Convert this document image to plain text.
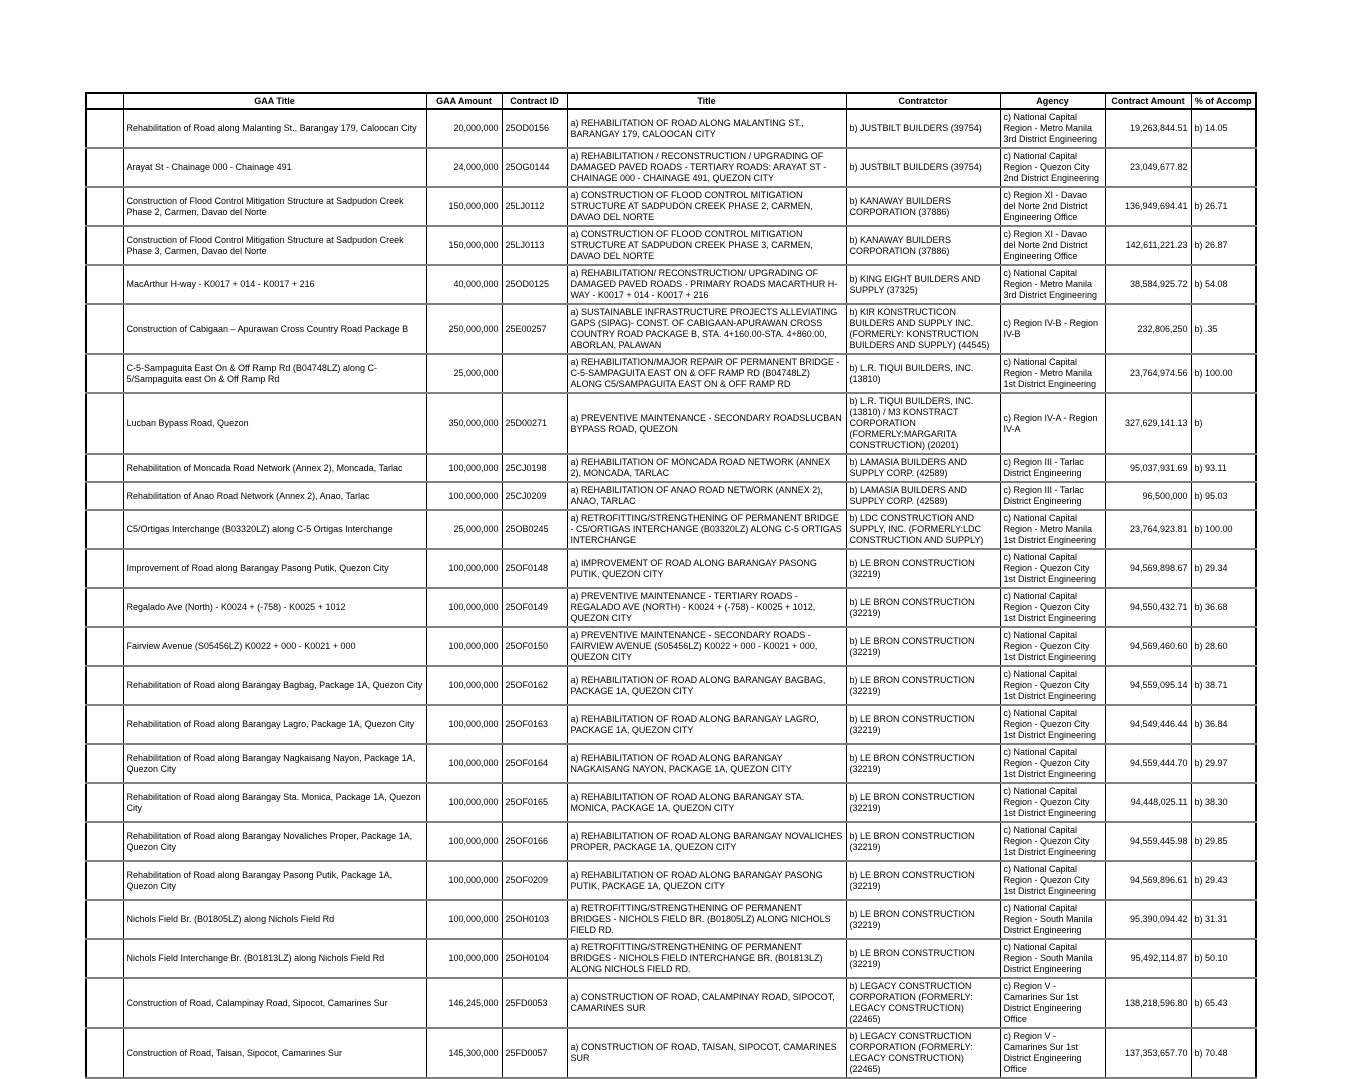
	GAA Title	GAA Amount	Contract ID	Title	Contratctor	Agency	Contract Amount	% of Accomp
	Rehabilitation of Road along Malanting St., Barangay 179, Caloocan City	20,000,000	25OD0156	a) REHABILITATION OF ROAD ALONG MALANTING ST., BARANGAY 179, CALOOCAN CITY	b) JUSTBILT BUILDERS (39754)	c) National Capital Region - Metro Manila 3rd District Engineering	19,263,844.51	b) 14.05
	Arayat St - Chainage 000 - Chainage 491	24,000,000	25OG0144	a) REHABILITATION / RECONSTRUCTION / UPGRADING OF DAMAGED PAVED ROADS - TERTIARY ROADS: ARAYAT ST - CHAINAGE 000 - CHAINAGE 491, QUEZON CITY	b) JUSTBILT BUILDERS (39754)	c) National Capital Region - Quezon City 2nd District Engineering	23,049,677.82	
	Construction of Flood Control Mitigation Structure at Sadpudon Creek Phase 2, Carmen, Davao del Norte	150,000,000	25LJ0112	a) CONSTRUCTION OF FLOOD CONTROL MITIGATION STRUCTURE AT SADPUDON CREEK PHASE 2, CARMEN, DAVAO DEL NORTE	b) KANAWAY BUILDERS CORPORATION (37886)	c) Region XI - Davao del Norte 2nd District Engineering Office	136,949,694.41	b) 26.71
	Construction of Flood Control Mitigation Structure at Sadpudon Creek Phase 3, Carmen, Davao del Norte	150,000,000	25LJ0113	a) CONSTRUCTION OF FLOOD CONTROL MITIGATION STRUCTURE AT SADPUDON CREEK PHASE 3, CARMEN, DAVAO DEL NORTE	b) KANAWAY BUILDERS CORPORATION (37886)	c) Region XI - Davao del Norte 2nd District Engineering Office	142,611,221.23	b) 26.87
	MacArthur H-way - K0017 + 014 - K0017 + 216	40,000,000	25OD0125	a) REHABILITATION/ RECONSTRUCTION/ UPGRADING OF DAMAGED PAVED ROADS - PRIMARY ROADS MACARTHUR H-WAY - K0017 + 014 - K0017 + 216	b) KING EIGHT BUILDERS AND SUPPLY (37325)	c) National Capital Region - Metro Manila 3rd District Engineering	38,584,925.72	b) 54.08
	Construction of Cabigaan – Apurawan Cross Country Road Package B	250,000,000	25E00257	a) SUSTAINABLE INFRASTRUCTURE PROJECTS ALLEVIATING GAPS (SIPAG)- CONST. OF CABIGAAN-APURAWAN CROSS COUNTRY ROAD PACKAGE B, STA. 4+160.00-STA. 4+860.00, ABORLAN, PALAWAN	b) KIR KONSTRUCTICON BUILDERS AND SUPPLY INC. (FORMERLY: KONSTRUCTION BUILDERS AND SUPPLY) (44545)	c) Region IV-B - Region IV-B	232,806,250	b) .35
	C-5-Sampaguita East On & Off Ramp Rd (B04748LZ) along C-5/Sampaguita east On & Off Ramp Rd	25,000,000		a) REHABILITATION/MAJOR REPAIR OF PERMANENT BRIDGE - C-5-SAMPAGUITA EAST ON & OFF RAMP RD (B04748LZ) ALONG C5/SAMPAGUITA EAST ON & OFF RAMP RD	b) L.R. TIQUI BUILDERS, INC. (13810)	c) National Capital Region - Metro Manila 1st District Engineering	23,764,974.56	b) 100.00
	Lucban Bypass Road, Quezon	350,000,000	25D00271	a) PREVENTIVE MAINTENANCE - SECONDARY ROADSLUCBAN BYPASS ROAD, QUEZON	b) L.R. TIQUI BUILDERS, INC. (13810) / M3 KONSTRACT CORPORATION (FORMERLY:MARGARITA CONSTRUCTION) (20201)	c) Region IV-A - Region IV-A	327,629,141.13	b)
	Rehabilitation of Moncada Road Network (Annex 2), Moncada, Tarlac	100,000,000	25CJ0198	a) REHABILITATION OF MONCADA ROAD NETWORK (ANNEX 2), MONCADA, TARLAC	b) LAMASIA BUILDERS AND SUPPLY CORP. (42589)	c) Region III - Tarlac District Engineering	95,037,931.69	b) 93.11
	Rehabilitation of Anao Road Network (Annex 2), Anao, Tarlac	100,000,000	25CJ0209	a) REHABILITATION OF ANAO ROAD NETWORK (ANNEX 2), ANAO, TARLAC	b) LAMASIA BUILDERS AND SUPPLY CORP. (42589)	c) Region III - Tarlac District Engineering	96,500,000	b) 95.03
	C5/Ortigas Interchange (B03320LZ) along C-5 Ortigas Interchange	25,000,000	25OB0245	a) RETROFITTING/STRENGTHENING OF PERMANENT BRIDGE - C5/ORTIGAS INTERCHANGE (B03320LZ) ALONG C-5 ORTIGAS INTERCHANGE	b) LDC CONSTRUCTION AND SUPPLY, INC. (FORMERLY:LDC CONSTRUCTION AND SUPPLY)	c) National Capital Region - Metro Manila 1st District Engineering	23,764,923.81	b) 100.00
	Improvement of Road along Barangay Pasong Putik, Quezon City	100,000,000	25OF0148	a) IMPROVEMENT OF ROAD ALONG BARANGAY PASONG PUTIK, QUEZON CITY	b) LE BRON CONSTRUCTION (32219)	c) National Capital Region - Quezon City 1st District Engineering	94,569,898.67	b) 29.34
	Regalado Ave (North) - K0024 + (-758) - K0025 + 1012	100,000,000	25OF0149	a) PREVENTIVE MAINTENANCE - TERTIARY ROADS - REGALADO AVE (NORTH) - K0024 + (-758) - K0025 + 1012, QUEZON CITY	b) LE BRON CONSTRUCTION (32219)	c) National Capital Region - Quezon City 1st District Engineering	94,550,432.71	b) 36.68
	Fairview Avenue (S05456LZ) K0022 + 000 - K0021 + 000	100,000,000	25OF0150	a) PREVENTIVE MAINTENANCE - SECONDARY ROADS - FAIRVIEW AVENUE (S05456LZ) K0022 + 000 - K0021 + 000, QUEZON CITY	b) LE BRON CONSTRUCTION (32219)	c) National Capital Region - Quezon City 1st District Engineering	94,569,460.60	b) 28.60
	Rehabilitation of Road along Barangay Bagbag, Package 1A, Quezon City	100,000,000	25OF0162	a) REHABILITATION OF ROAD ALONG BARANGAY BAGBAG, PACKAGE 1A, QUEZON CITY	b) LE BRON CONSTRUCTION (32219)	c) National Capital Region - Quezon City 1st District Engineering	94,559,095.14	b) 38.71
	Rehabilitation of Road along Barangay Lagro, Package 1A, Quezon City	100,000,000	25OF0163	a) REHABILITATION OF ROAD ALONG BARANGAY LAGRO, PACKAGE 1A, QUEZON CITY	b) LE BRON CONSTRUCTION (32219)	c) National Capital Region - Quezon City 1st District Engineering	94,549,446.44	b) 36.84
	Rehabilitation of Road along Barangay Nagkaisang Nayon, Package 1A, Quezon City	100,000,000	25OF0164	a) REHABILITATION OF ROAD ALONG BARANGAY NAGKAISANG NAYON, PACKAGE 1A, QUEZON CITY	b) LE BRON CONSTRUCTION (32219)	c) National Capital Region - Quezon City 1st District Engineering	94,559,444.70	b) 29.97
	Rehabilitation of Road along Barangay Sta. Monica, Package 1A, Quezon City	100,000,000	25OF0165	a) REHABILITATION OF ROAD ALONG BARANGAY STA. MONICA, PACKAGE 1A, QUEZON CITY	b) LE BRON CONSTRUCTION (32219)	c) National Capital Region - Quezon City 1st District Engineering	94,448,025.11	b) 38.30
	Rehabilitation of Road along Barangay Novaliches Proper, Package 1A, Quezon City	100,000,000	25OF0166	a) REHABILITATION OF ROAD ALONG BARANGAY NOVALICHES PROPER, PACKAGE 1A, QUEZON CITY	b) LE BRON CONSTRUCTION (32219)	c) National Capital Region - Quezon City 1st District Engineering	94,559,445.98	b) 29.85
	Rehabilitation of Road along Barangay Pasong Putik, Package 1A, Quezon City	100,000,000	25OF0209	a) REHABILITATION OF ROAD ALONG BARANGAY PASONG PUTIK, PACKAGE 1A, QUEZON CITY	b) LE BRON CONSTRUCTION (32219)	c) National Capital Region - Quezon City 1st District Engineering	94,569,896.61	b) 29.43
	Nichols Field Br. (B01805LZ) along Nichols Field Rd	100,000,000	25OH0103	a) RETROFITTING/STRENGTHENING OF PERMANENT BRIDGES - NICHOLS FIELD BR. (B01805LZ) ALONG NICHOLS FIELD RD.	b) LE BRON CONSTRUCTION (32219)	c) National Capital Region - South Manila District Engineering	95,390,094.42	b) 31.31
	Nichols Field Interchange Br. (B01813LZ) along Nichols Field Rd	100,000,000	25OH0104	a) RETROFITTING/STRENGTHENING OF PERMANENT BRIDGES - NICHOLS FIELD INTERCHANGE BR. (B01813LZ) ALONG NICHOLS FIELD RD.	b) LE BRON CONSTRUCTION (32219)	c) National Capital Region - South Manila District Engineering	95,492,114.87	b) 50.10
	Construction of Road, Calampinay Road, Sipocot, Camarines Sur	146,245,000	25FD0053	a) CONSTRUCTION OF ROAD, CALAMPINAY ROAD, SIPOCOT, CAMARINES SUR	b) LEGACY CONSTRUCTION CORPORATION (FORMERLY: LEGACY CONSTRUCTION) (22465)	c) Region V - Camarines Sur 1st District Engineering Office	138,218,596.80	b) 65.43
	Construction of Road, Taisan, Sipocot, Camarines Sur	145,300,000	25FD0057	a) CONSTRUCTION OF ROAD, TAISAN, SIPOCOT, CAMARINES SUR	b) LEGACY CONSTRUCTION CORPORATION (FORMERLY: LEGACY CONSTRUCTION) (22465)	c) Region V - Camarines Sur 1st District Engineering Office	137,353,657.70	b) 70.48
